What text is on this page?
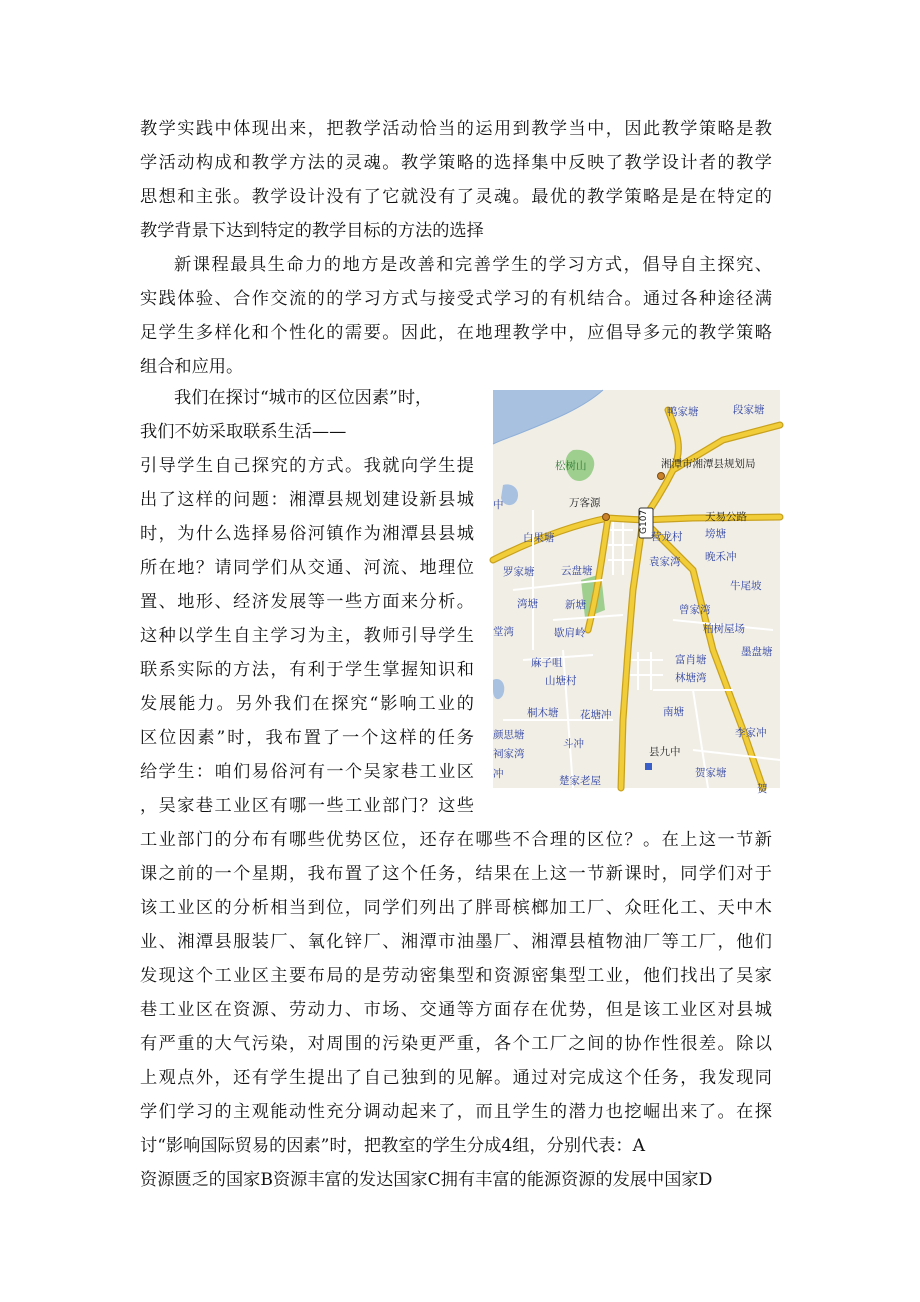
教学实践中体现出来，把教学活动恰当的运用到教学当中，因此教学策略是教
学活动构成和教学方法的灵魂。教学策略的选择集中反映了教学设计者的教学
思想和主张。教学设计没有了它就没有了灵魂。最优的教学策略是是在特定的
教学背景下达到特定的教学目标的方法的选择
新课程最具生命力的地方是改善和完善学生的学习方式，倡导自主探究、
实践体验、合作交流的的学习方式与接受式学习的有机结合。通过各种途径满
足学生多样化和个性化的需要。因此，在地理教学中，应倡导多元的教学策略
组合和应用。
我们在探讨“城市的区位因素”时，
我们不妨采取联系生活——
引导学生自己探究的方式。我就向学生提
出了这样的问题：湘潭县规划建设新县城
时，为什么选择易俗河镇作为湘潭县县城
所在地？请同学们从交通、河流、地理位
置、地形、经济发展等一些方面来分析。
这种以学生自主学习为主，教师引导学生
联系实际的方法，有利于学生掌握知识和
发展能力。另外我们在探究“影响工业的
区位因素”时，我布置了一个这样的任务
给学生：咱们易俗河有一个吴家巷工业区
，吴家巷工业区有哪一些工业部门？这些
工业部门的分布有哪些优势区位，还存在哪些不合理的区位？。在上这一节新
课之前的一个星期，我布置了这个任务，结果在上这一节新课时，同学们对于
该工业区的分析相当到位，同学们列出了胖哥槟榔加工厂、众旺化工、天中木
业、湘潭县服装厂、氧化锌厂、湘潭市油墨厂、湘潭县植物油厂等工厂，他们
发现这个工业区主要布局的是劳动密集型和资源密集型工业，他们找出了吴家
巷工业区在资源、劳动力、市场、交通等方面存在优势，但是该工业区对县城
有严重的大气污染，对周围的污染更严重，各个工厂之间的协作性很差。除以
上观点外，还有学生提出了自己独到的见解。通过对完成这个任务，我发现同
学们学习的主观能动性充分调动起来了，而且学生的潜力也挖崛出来了。在探
讨“影响国际贸易的因素”时，把教室的学生分成4组，分别代表：A
资源匮乏的国家B资源丰富的发达国家C拥有丰富的能源资源的发展中国家D
鸭家塘	段家塘
松树山	湘潭市湘潭县规划局
万客源
天易公路
G107
中
白果塘	营龙村 塝塘
晚禾冲
罗家塘	云盘塘
袁家湾
牛尾坡
湾塘	新塘	曾家湾
柏树屋场
堂湾	歇肩岭
墨盘塘
麻子咀	富肖塘
山塘村	林塘湾
桐木塘 花塘冲	南塘
李家冲
颜思塘
斗冲
县九中
祠家湾
贺家塘
冲
楚家老屋
贺
